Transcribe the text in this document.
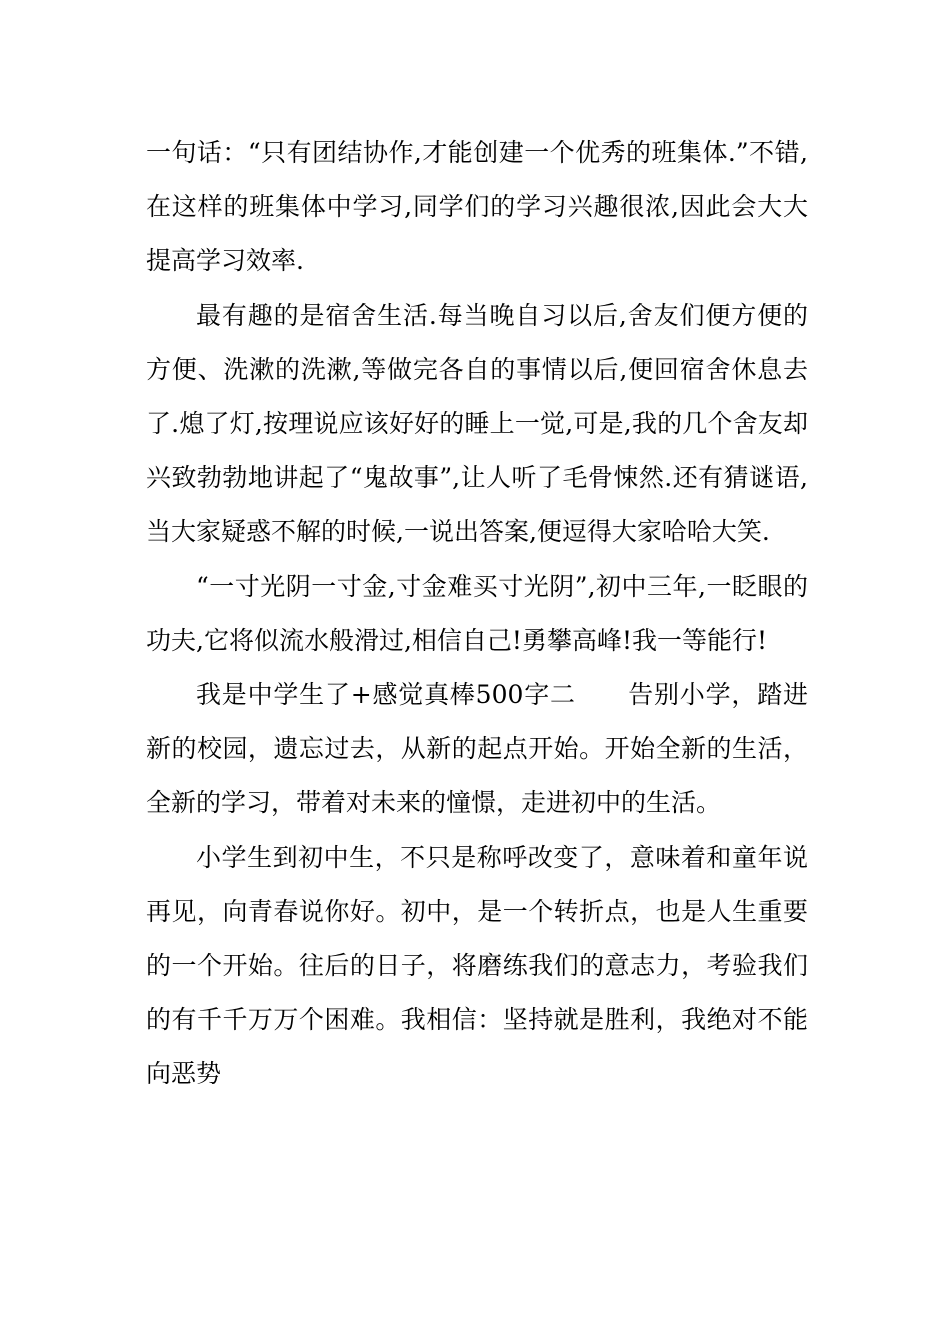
一句话：“只有团结协作,才能创建一个优秀的班集体.”不错,在这样的班集体中学习,同学们的学习兴趣很浓,因此会大大提高学习效率.

最有趣的是宿舍生活.每当晚自习以后,舍友们便方便的方便、洗漱的洗漱,等做完各自的事情以后,便回宿舍休息去了.熄了灯,按理说应该好好的睡上一觉,可是,我的几个舍友却兴致勃勃地讲起了“鬼故事”,让人听了毛骨悚然.还有猜谜语,当大家疑惑不解的时候,一说出答案,便逗得大家哈哈大笑.

“一寸光阴一寸金,寸金难买寸光阴”,初中三年,一眨眼的功夫,它将似流水般滑过,相信自己!勇攀高峰!我一等能行!

我是中学生了+感觉真棒500字二      告别小学，踏进新的校园，遗忘过去，从新的起点开始。开始全新的生活，全新的学习，带着对未来的憧憬，走进初中的生活。

小学生到初中生，不只是称呼改变了，意味着和童年说再见，向青春说你好。初中，是一个转折点，也是人生重要的一个开始。往后的日子，将磨练我们的意志力，考验我们的有千千万万个困难。我相信：坚持就是胜利，我绝对不能向恶势
